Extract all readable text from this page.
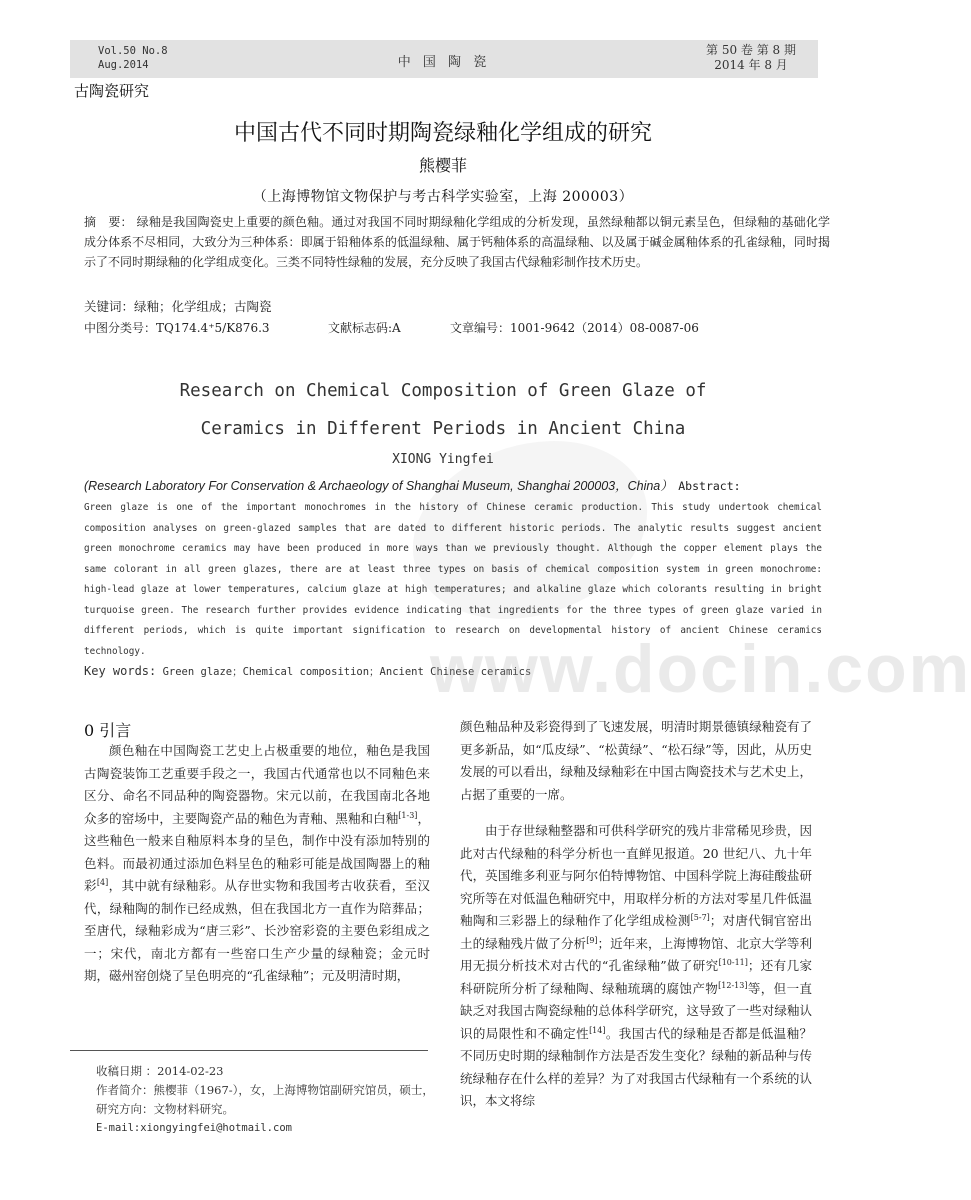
Vol.50 No.8
Aug.2014	中 国 陶 瓷
第 50 卷 第 8 期
2014 年 8 月
古陶瓷研究
中国古代不同时期陶瓷绿釉化学组成的研究
熊樱菲
（上海博物馆文物保护与考古科学实验室，上海 200003）
摘　要： 绿釉是我国陶瓷史上重要的颜色釉。通过对我国不同时期绿釉化学组成的分析发现，虽然绿釉都以铜元素呈色，但绿釉的基础化学成分体系不尽相同，大致分为三种体系：即属于铅釉体系的低温绿釉、属于钙釉体系的高温绿釉、以及属于碱金属釉体系的孔雀绿釉，同时揭示了不同时期绿釉的化学组成变化。三类不同特性绿釉的发展，充分反映了我国古代绿釉彩制作技术历史。
关键词：绿釉；化学组成；古陶瓷
中图分类号：TQ174.4⁺5/K876.3	文献标志码:A	文章编号：1001-9642（2014）08-0087-06
Research on Chemical Composition of Green Glaze of
Ceramics in Different Periods in Ancient China
XIONG Yingfei
(Research Laboratory For Conservation & Archaeology of Shanghai Museum, Shanghai 200003，China） Abstract:
Green glaze is one of the important monochromes in the history of Chinese ceramic production. This study undertook chemical composition analyses on green-glazed samples that are dated to different historic periods. The analytic results suggest ancient green monochrome ceramics may have been produced in more ways than we previously thought. Although the copper element plays the same colorant in all green glazes, there are at least three types on basis of chemical composition system in green monochrome: high-lead glaze at lower temperatures, calcium glaze at high temperatures; and alkaline glaze which colorants resulting in bright turquoise green. The research further provides evidence indicating that ingredients for the three types of green glaze varied in different periods, which is quite important signification to research on developmental history of ancient Chinese ceramics technology.
Key words: Green glaze；Chemical composition；Ancient Chinese ceramics
www.docin.com
0 引言

颜色釉在中国陶瓷工艺史上占极重要的地位，釉色是我国古陶瓷装饰工艺重要手段之一，我国古代通常也以不同釉色来区分、命名不同品种的陶瓷器物。宋元以前，在我国南北各地众多的窑场中，主要陶瓷产品的釉色为青釉、黑釉和白釉[1-3]，这些釉色一般来自釉原料本身的呈色，制作中没有添加特别的色料。而最初通过添加色料呈色的釉彩可能是战国陶器上的釉彩[4]，其中就有绿釉彩。从存世实物和我国考古收获看，至汉代，绿釉陶的制作已经成熟，但在我国北方一直作为陪葬品；至唐代，绿釉彩成为“唐三彩”、长沙窑彩瓷的主要色彩组成之一；宋代，南北方都有一些窑口生产少量的绿釉瓷；金元时期，磁州窑创烧了呈色明亮的“孔雀绿釉”；元及明清时期，

颜色釉品种及彩瓷得到了飞速发展，明清时期景德镇绿釉瓷有了更多新品，如“瓜皮绿”、“松黄绿”、“松石绿”等，因此，从历史发展的可以看出，绿釉及绿釉彩在中国古陶瓷技术与艺术史上，占据了重要的一席。

由于存世绿釉整器和可供科学研究的残片非常稀见珍贵，因此对古代绿釉的科学分析也一直鲜见报道。20 世纪八、九十年代，英国维多利亚与阿尔伯特博物馆、中国科学院上海硅酸盐研究所等在对低温色釉研究中，用取样分析的方法对零星几件低温釉陶和三彩器上的绿釉作了化学组成检测[5-7]；对唐代铜官窑出土的绿釉残片做了分析[9]；近年来，上海博物馆、北京大学等利用无损分析技术对古代的“孔雀绿釉”做了研究[10-11]；还有几家科研院所分析了绿釉陶、绿釉琉璃的腐蚀产物[12-13]等，但一直缺乏对我国古陶瓷绿釉的总体科学研究，这导致了一些对绿釉认识的局限性和不确定性[14]。我国古代的绿釉是否都是低温釉？不同历史时期的绿釉制作方法是否发生变化？绿釉的新品种与传统绿釉存在什么样的差异？为了对我国古代绿釉有一个系统的认识，本文将综

收稿日期 ：2014-02-23
作者简介：熊樱菲（1967-），女，上海博物馆副研究馆员，硕士，研究方向：文物材料研究。
E-mail:xiongyingfei@hotmail.com
